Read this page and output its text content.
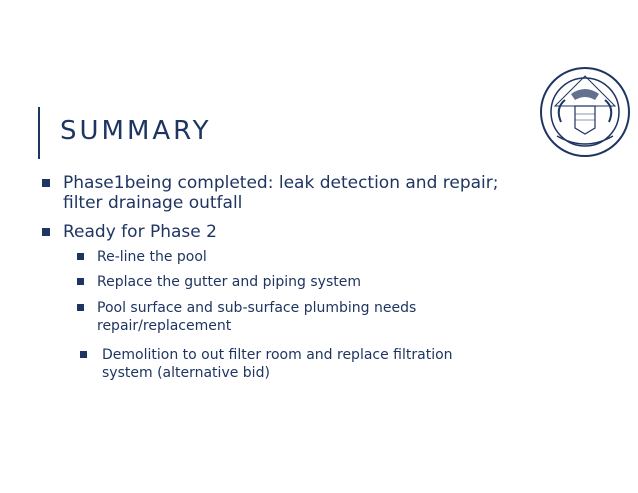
SUMMARY
Phase1being completed: leak detection and repair;
filter drainage outfall
Ready for Phase 2
Re-line the pool
Replace the gutter and piping system
Pool surface and sub-surface plumbing needs
repair/replacement
Demolition to out filter room and replace filtration
system (alternative bid)
